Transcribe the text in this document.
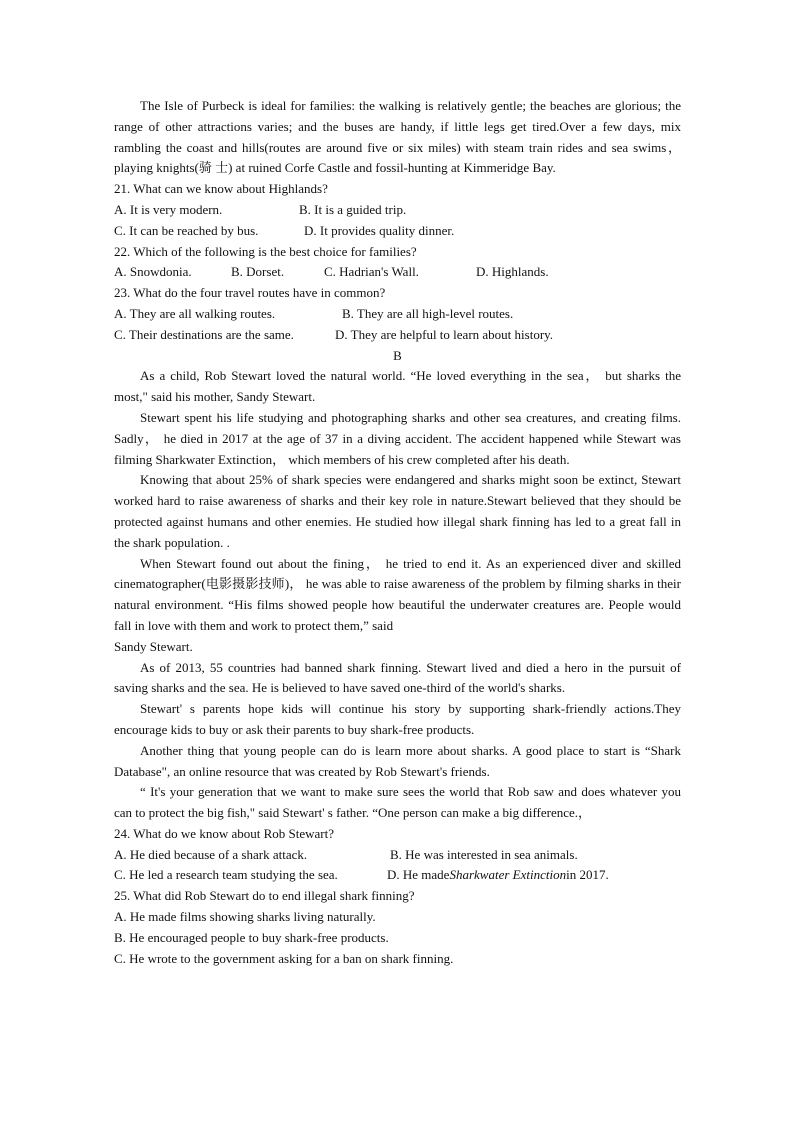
The Isle of Purbeck is ideal for families: the walking is relatively gentle; the beaches are glorious; the range of other attractions varies; and the buses are handy, if little legs get tired.Over a few days, mix rambling the coast and hills(routes are around five or six miles) with steam train rides and sea swims， playing knights(骑 士) at ruined Corfe Castle and fossil-hunting at Kimmeridge Bay.

21. What can we know about Highlands?

A. It is very modern.	B. It is a guided trip.
C. It can be reached by bus.	D. It provides quality dinner.

22. Which of the following is the best choice for families?

A. Snowdonia.	B. Dorset.	C. Hadrian's Wall.	D. Highlands.

23. What do the four travel routes have in common?

A. They are all walking routes.	B. They are all high-level routes.
C. Their destinations are the same.	D. They are helpful to learn about history.

B

As a child, Rob Stewart loved the natural world. “He loved everything in the sea， but sharks the most," said his mother, Sandy Stewart.

Stewart spent his life studying and photographing sharks and other sea creatures, and creating films. Sadly， he died in 2017 at the age of 37 in a diving accident. The accident happened while Stewart was filming Sharkwater Extinction， which members of his crew completed after his death.

Knowing that about 25% of shark species were endangered and sharks might soon be extinct, Stewart worked hard to raise awareness of sharks and their key role in nature.Stewart believed that they should be protected against humans and other enemies. He studied how illegal shark finning has led to a great fall in the shark population. .

When Stewart found out about the fining， he tried to end it. As an experienced diver and skilled cinematographer(电影摄影技师)， he was able to raise awareness of the problem by filming sharks in their natural environment. “His films showed people how beautiful the underwater creatures are. People would fall in love with them and work to protect them,” said

Sandy Stewart.

As of 2013, 55 countries had banned shark finning. Stewart lived and died a hero in the pursuit of saving sharks and the sea. He is believed to have saved one-third of the world's sharks.

Stewart' s parents hope kids will continue his story by supporting shark-friendly actions.They encourage kids to buy or ask their parents to buy shark-free products.

Another thing that young people can do is learn more about sharks. A good place to start is “Shark Database", an online resource that was created by Rob Stewart's friends.

“ It's your generation that we want to make sure sees the world that Rob saw and does whatever you can to protect the big fish," said Stewart' s father. “One person can make a big difference.，

24. What do we know about Rob Stewart?

A. He died because of a shark attack.	B. He was interested in sea animals.
C. He led a research team studying the sea.	D. He madeSharkwater Extinctionin 2017.

25. What did Rob Stewart do to end illegal shark finning?

A. He made films showing sharks living naturally.

B. He encouraged people to buy shark-free products.

C. He wrote to the government asking for a ban on shark finning.
